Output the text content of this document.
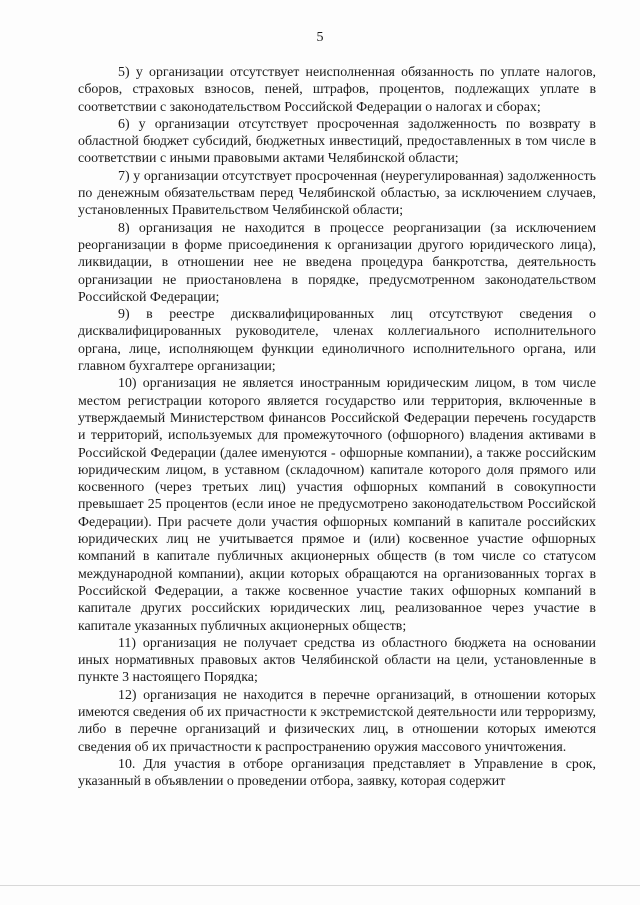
5

5) у организации отсутствует неисполненная обязанность по уплате налогов, сборов, страховых взносов, пеней, штрафов, процентов, подлежащих уплате в соответствии с законодательством Российской Федерации о налогах и сборах;

6) у организации отсутствует просроченная задолженность по возврату в областной бюджет субсидий, бюджетных инвестиций, предоставленных в том числе в соответствии с иными правовыми актами Челябинской области;

7) у организации отсутствует просроченная (неурегулированная) задолженность по денежным обязательствам перед Челябинской областью, за исключением случаев, установленных Правительством Челябинской области;

8) организация не находится в процессе реорганизации (за исключением реорганизации в форме присоединения к организации другого юридического лица), ликвидации, в отношении нее не введена процедура банкротства, деятельность организации не приостановлена в порядке, предусмотренном законодательством Российской Федерации;

9) в реестре дисквалифицированных лиц отсутствуют сведения о дисквалифицированных руководителе, членах коллегиального исполнительного органа, лице, исполняющем функции единоличного исполнительного органа, или главном бухгалтере организации;

10) организация не является иностранным юридическим лицом, в том числе местом регистрации которого является государство или территория, включенные в утверждаемый Министерством финансов Российской Федерации перечень государств и территорий, используемых для промежуточного (офшорного) владения активами в Российской Федерации (далее именуются - офшорные компании), а также российским юридическим лицом, в уставном (складочном) капитале которого доля прямого или косвенного (через третьих лиц) участия офшорных компаний в совокупности превышает 25 процентов (если иное не предусмотрено законодательством Российской Федерации). При расчете доли участия офшорных компаний в капитале российских юридических лиц не учитывается прямое и (или) косвенное участие офшорных компаний в капитале публичных акционерных обществ (в том числе со статусом международной компании), акции которых обращаются на организованных торгах в Российской Федерации, а также косвенное участие таких офшорных компаний в капитале других российских юридических лиц, реализованное через участие в капитале указанных публичных акционерных обществ;

11) организация не получает средства из областного бюджета на основании иных нормативных правовых актов Челябинской области на цели, установленные в пункте 3 настоящего Порядка;

12) организация не находится в перечне организаций, в отношении которых имеются сведения об их причастности к экстремистской деятельности или терроризму, либо в перечне организаций и физических лиц, в отношении которых имеются сведения об их причастности к распространению оружия массового уничтожения.

10. Для участия в отборе организация представляет в Управление в срок, указанный в объявлении о проведении отбора, заявку, которая содержит
